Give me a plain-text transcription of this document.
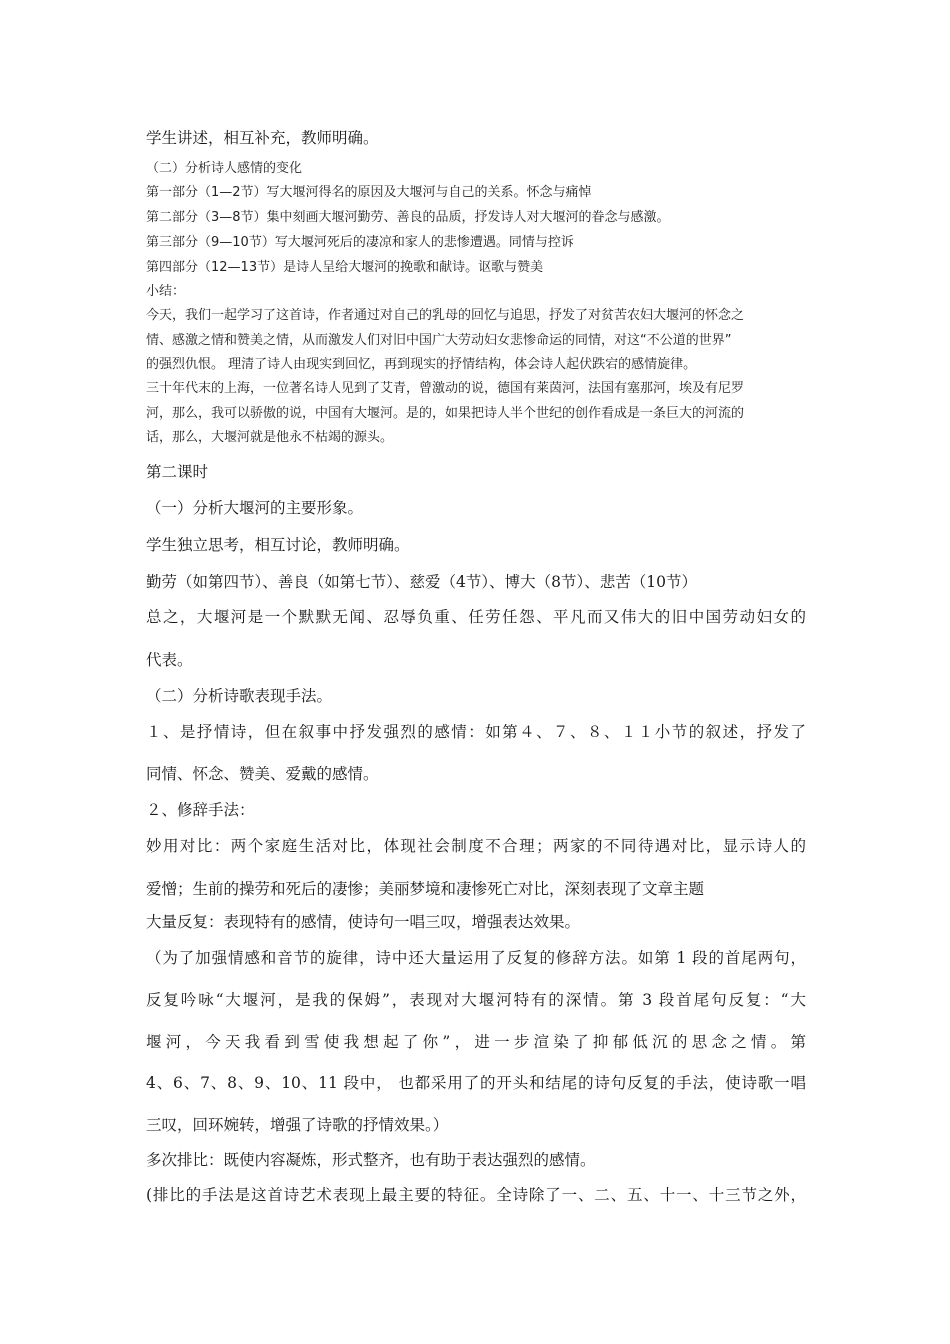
学生讲述，相互补充，教师明确。

（二）分析诗人感情的变化

第一部分（1—2节）写大堰河得名的原因及大堰河与自己的关系。怀念与痛悼

第二部分（3—8节）集中刻画大堰河勤劳、善良的品质，抒发诗人对大堰河的眷念与感激。

第三部分（9—10节）写大堰河死后的凄凉和家人的悲惨遭遇。同情与控诉

第四部分（12—13节）是诗人呈给大堰河的挽歌和献诗。讴歌与赞美

小结：

今天，我们一起学习了这首诗，作者通过对自己的乳母的回忆与追思，抒发了对贫苦农妇大堰河的怀念之

情、感激之情和赞美之情，从而激发人们对旧中国广大劳动妇女悲惨命运的同情，对这“不公道的世界”

的强烈仇恨。 理清了诗人由现实到回忆，再到现实的抒情结构，体会诗人起伏跌宕的感情旋律。

三十年代末的上海，一位著名诗人见到了艾青，曾激动的说，德国有莱茵河，法国有塞那河，埃及有尼罗

河，那么，我可以骄傲的说，中国有大堰河。是的，如果把诗人半个世纪的创作看成是一条巨大的河流的

话，那么，大堰河就是他永不枯竭的源头。

第二课时

（一）分析大堰河的主要形象。

学生独立思考，相互讨论，教师明确。

勤劳（如第四节）、善良（如第七节）、慈爱（4节）、博大（8节）、悲苦（10节）

总之，大堰河是一个默默无闻、忍辱负重、任劳任怨、平凡而又伟大的旧中国劳动妇女的

代表。

（二）分析诗歌表现手法。

１、是抒情诗，但在叙事中抒发强烈的感情：如第４、７、８、１１小节的叙述，抒发了

同情、怀念、赞美、爱戴的感情。

２、修辞手法：

妙用对比：两个家庭生活对比，体现社会制度不合理；两家的不同待遇对比，显示诗人的

爱憎；生前的操劳和死后的凄惨；美丽梦境和凄惨死亡对比，深刻表现了文章主题

大量反复：表现特有的感情，使诗句一唱三叹，增强表达效果。

（为了加强情感和音节的旋律，诗中还大量运用了反复的修辞方法。如第 1 段的首尾两句，

反复吟咏“大堰河，是我的保姆”，表现对大堰河特有的深情。第 3 段首尾句反复：“大

堰河，今天我看到雪使我想起了你”，进一步渲染了抑郁低沉的思念之情。第

4、6、7、8、9、10、11 段中， 也都采用了的开头和结尾的诗句反复的手法，使诗歌一唱

三叹，回环婉转，增强了诗歌的抒情效果。）

多次排比：既使内容凝炼，形式整齐，也有助于表达强烈的感情。

(排比的手法是这首诗艺术表现上最主要的特征。全诗除了一、二、五、十一、十三节之外，
